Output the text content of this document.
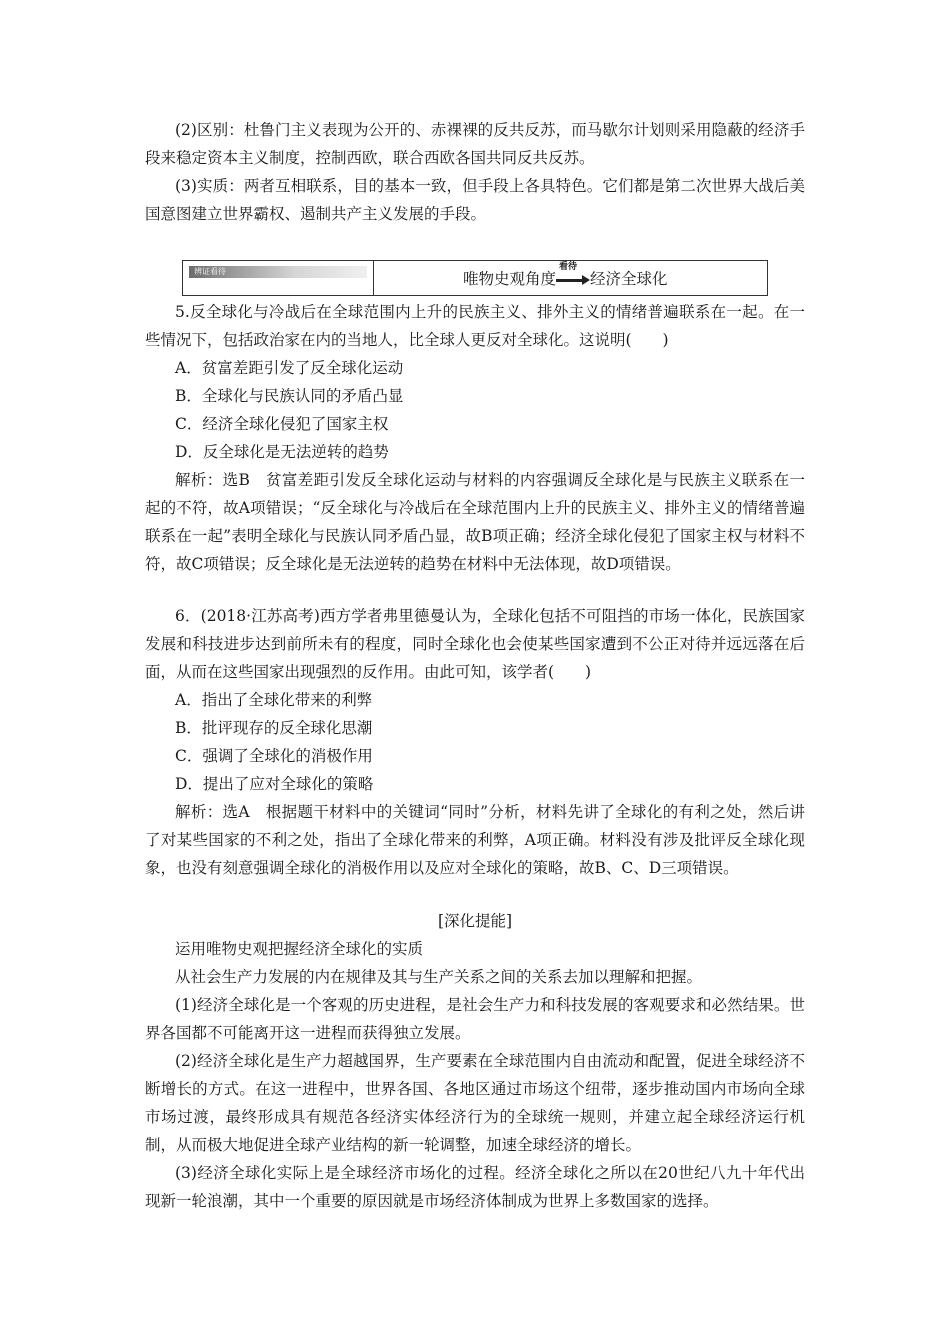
(2)区别：杜鲁门主义表现为公开的、赤裸裸的反共反苏，而马歇尔计划则采用隐蔽的经济手段来稳定资本主义制度，控制西欧，联合西欧各国共同反共反苏。
(3)实质：两者互相联系，目的基本一致，但手段上各具特色。它们都是第二次世界大战后美国意图建立世界霸权、遏制共产主义发展的手段。
辨证看待	唯物史观角度
看待
经济全球化
5.反全球化与冷战后在全球范围内上升的民族主义、排外主义的情绪普遍联系在一起。在一些情况下，包括政治家在内的当地人，比全球人更反对全球化。这说明(　　)
A．贫富差距引发了反全球化运动
B．全球化与民族认同的矛盾凸显
C．经济全球化侵犯了国家主权
D．反全球化是无法逆转的趋势
解析：选B　贫富差距引发反全球化运动与材料的内容强调反全球化是与民族主义联系在一起的不符，故A项错误；“反全球化与冷战后在全球范围内上升的民族主义、排外主义的情绪普遍联系在一起”表明全球化与民族认同矛盾凸显，故B项正确；经济全球化侵犯了国家主权与材料不符，故C项错误；反全球化是无法逆转的趋势在材料中无法体现，故D项错误。
6．(2018·江苏高考)西方学者弗里德曼认为，全球化包括不可阻挡的市场一体化，民族国家发展和科技进步达到前所未有的程度，同时全球化也会使某些国家遭到不公正对待并远远落在后面，从而在这些国家出现强烈的反作用。由此可知，该学者(　　)
A．指出了全球化带来的利弊
B．批评现存的反全球化思潮
C．强调了全球化的消极作用
D．提出了应对全球化的策略
解析：选A　根据题干材料中的关键词“同时”分析，材料先讲了全球化的有利之处，然后讲了对某些国家的不利之处，指出了全球化带来的利弊，A项正确。材料没有涉及批评反全球化现象，也没有刻意强调全球化的消极作用以及应对全球化的策略，故B、C、D三项错误。
[深化提能]
运用唯物史观把握经济全球化的实质
从社会生产力发展的内在规律及其与生产关系之间的关系去加以理解和把握。
(1)经济全球化是一个客观的历史进程，是社会生产力和科技发展的客观要求和必然结果。世界各国都不可能离开这一进程而获得独立发展。
(2)经济全球化是生产力超越国界，生产要素在全球范围内自由流动和配置，促进全球经济不断增长的方式。在这一进程中，世界各国、各地区通过市场这个纽带，逐步推动国内市场向全球市场过渡，最终形成具有规范各经济实体经济行为的全球统一规则，并建立起全球经济运行机制，从而极大地促进全球产业结构的新一轮调整，加速全球经济的增长。
(3)经济全球化实际上是全球经济市场化的过程。经济全球化之所以在20世纪八九十年代出现新一轮浪潮，其中一个重要的原因就是市场经济体制成为世界上多数国家的选择。
